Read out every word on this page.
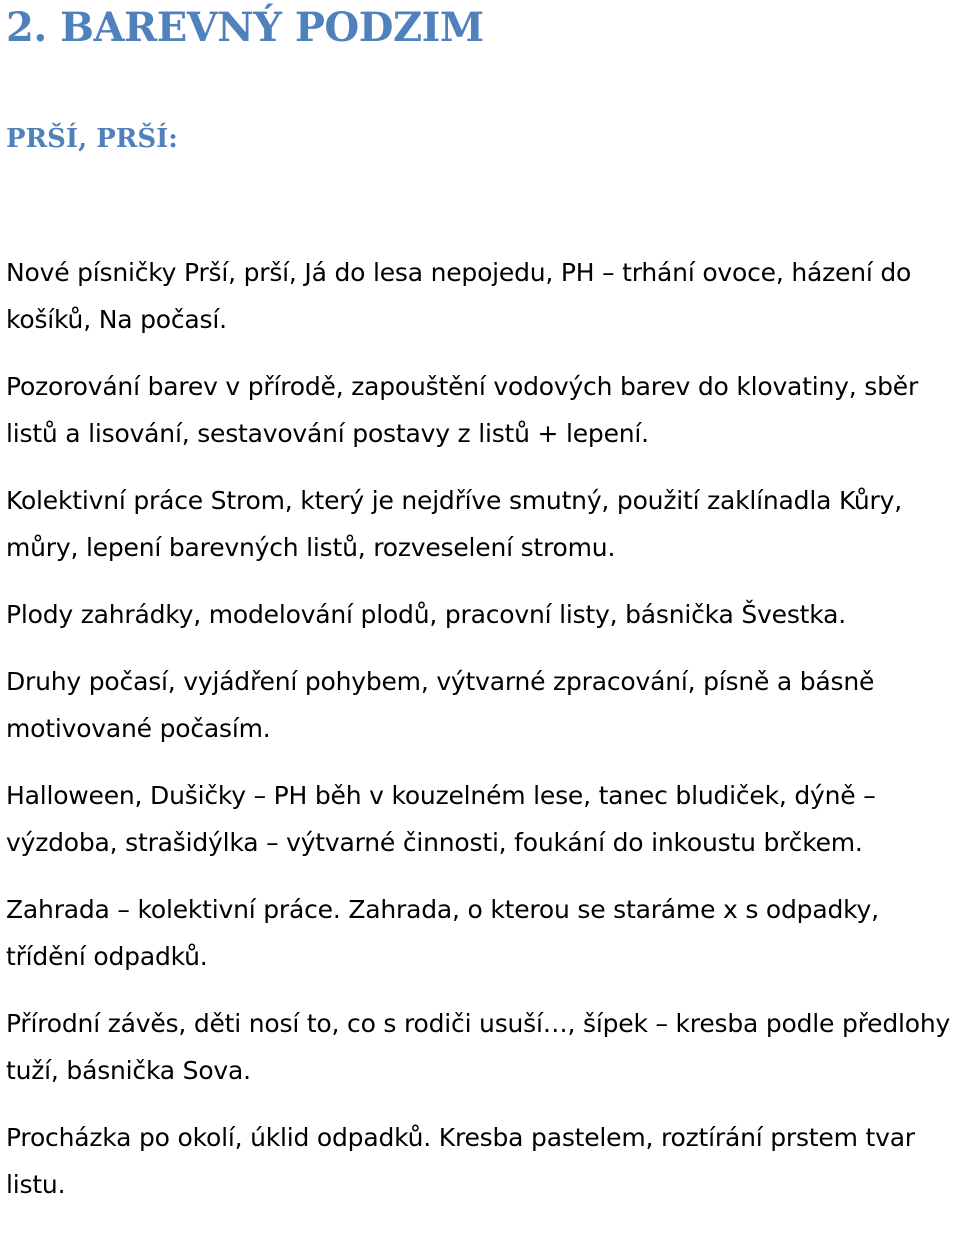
2. BAREVNÝ PODZIM
PRŠÍ, PRŠÍ:

Nové písničky Prší, prší, Já do lesa nepojedu, PH – trhání ovoce, házení do košíků, Na počasí.

Pozorování barev v přírodě, zapouštění vodových barev do klovatiny, sběr listů a lisování, sestavování postavy z listů + lepení.

Kolektivní práce Strom, který je nejdříve smutný, použití zaklínadla Kůry, můry, lepení barevných listů, rozveselení stromu.

Plody zahrádky, modelování plodů, pracovní listy, básnička Švestka.

Druhy počasí, vyjádření pohybem, výtvarné zpracování, písně a básně motivované počasím.

Halloween, Dušičky – PH běh v kouzelném lese, tanec bludiček, dýně – výzdoba, strašidýlka – výtvarné činnosti, foukání do inkoustu brčkem.

Zahrada – kolektivní práce. Zahrada, o kterou se staráme x s odpadky, třídění odpadků.

Přírodní závěs, děti nosí to, co s rodiči usuší…, šípek – kresba podle předlohy tuží, básnička Sova.

Procházka po okolí, úklid odpadků. Kresba pastelem, roztírání prstem tvar listu.
